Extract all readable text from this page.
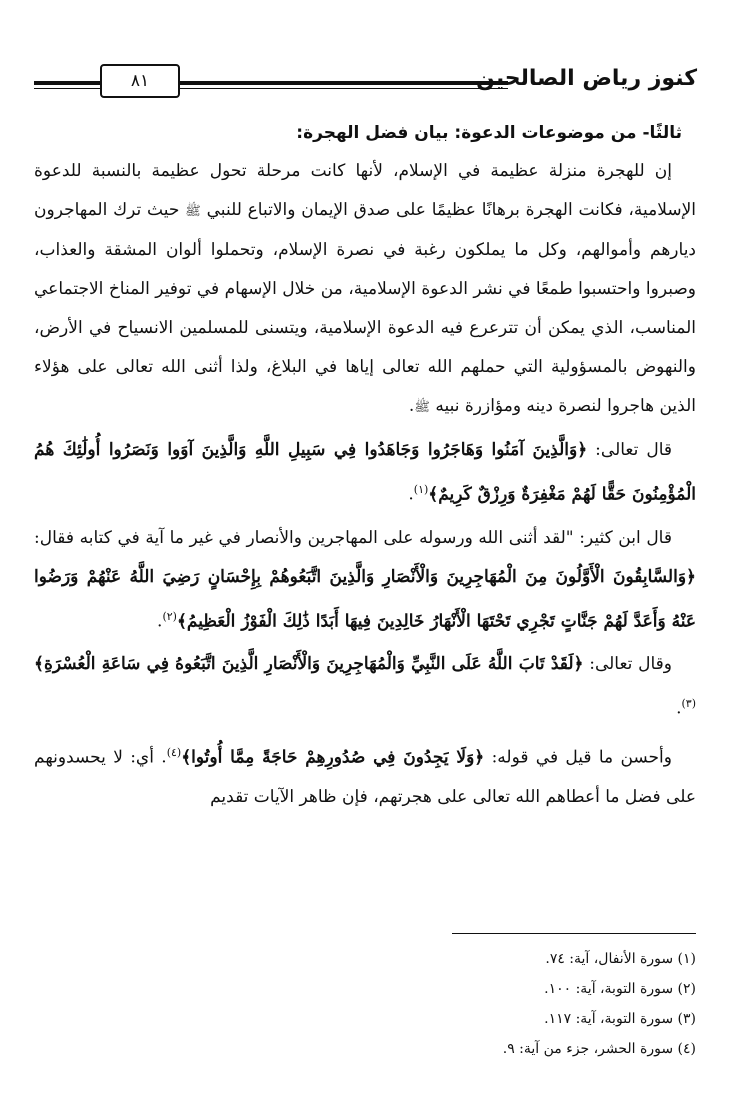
٨١	كنوز رياض الصالحين

ثالثًا- من موضوعات الدعوة: بيان فضل الهجرة:

إن للهجرة منزلة عظيمة في الإسلام، لأنها كانت مرحلة تحول عظيمة بالنسبة للدعوة الإسلامية، فكانت الهجرة برهانًا عظيمًا على صدق الإيمان والاتباع للنبي ﷺ حيث ترك المهاجرون ديارهم وأموالهم، وكل ما يملكون رغبة في نصرة الإسلام، وتحملوا ألوان المشقة والعذاب، وصبروا واحتسبوا طمعًا في نشر الدعوة الإسلامية، من خلال الإسهام في توفير المناخ الاجتماعي المناسب، الذي يمكن أن تترعرع فيه الدعوة الإسلامية، ويتسنى للمسلمين الانسياح في الأرض، والنهوض بالمسؤولية التي حملهم الله تعالى إياها في البلاغ، ولذا أثنى الله تعالى على هؤلاء الذين هاجروا لنصرة دينه ومؤازرة نبيه ﷺ.

قال تعالى: ﴿وَالَّذِينَ آمَنُوا وَهَاجَرُوا وَجَاهَدُوا فِي سَبِيلِ اللَّهِ وَالَّذِينَ آوَوا وَنَصَرُوا أُولَٰئِكَ هُمُ الْمُؤْمِنُونَ حَقًّا لَهُمْ مَغْفِرَةٌ وَرِزْقٌ كَرِيمٌ﴾$^{(١)}$.

قال ابن كثير: "لقد أثنى الله ورسوله على المهاجرين والأنصار في غير ما آية في كتابه فقال: ﴿وَالسَّابِقُونَ الْأَوَّلُونَ مِنَ الْمُهَاجِرِينَ وَالْأَنْصَارِ وَالَّذِينَ اتَّبَعُوهُمْ بِإِحْسَانٍ رَضِيَ اللَّهُ عَنْهُمْ وَرَضُوا عَنْهُ وَأَعَدَّ لَهُمْ جَنَّاتٍ تَجْرِي تَحْتَهَا الْأَنْهَارُ خَالِدِينَ فِيهَا أَبَدًا ذَٰلِكَ الْفَوْزُ الْعَظِيمُ﴾$^{(٢)}$.

وقال تعالى: ﴿لَقَدْ تَابَ اللَّهُ عَلَى النَّبِيِّ وَالْمُهَاجِرِينَ وَالْأَنْصَارِ الَّذِينَ اتَّبَعُوهُ فِي سَاعَةِ الْعُسْرَةِ﴾$^{(٣)}$.

وأحسن ما قيل في قوله: ﴿وَلَا يَجِدُونَ فِي صُدُورِهِمْ حَاجَةً مِمَّا أُوتُوا﴾$^{(٤)}$. أي: لا يحسدونهم على فضل ما أعطاهم الله تعالى على هجرتهم، فإن ظاهر الآيات تقديم

(١) سورة الأنفال، آية: ٧٤.
(٢) سورة التوبة، آية: ١٠٠.
(٣) سورة التوبة، آية: ١١٧.
(٤) سورة الحشر، جزء من آية: ٩.
